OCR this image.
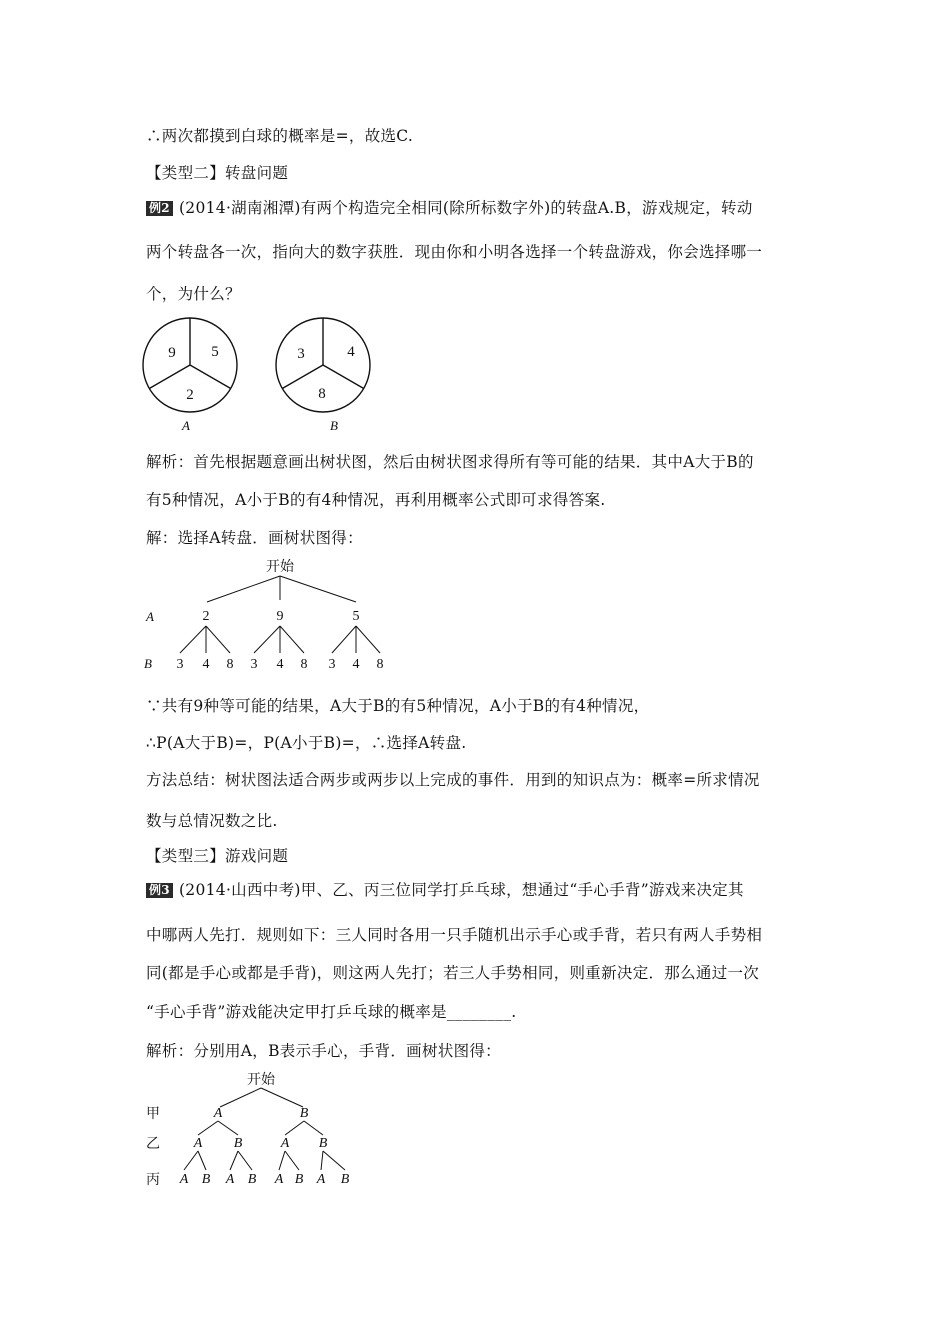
∴两次都摸到白球的概率是=，故选C.
【类型二】转盘问题
例2 (2014·湖南湘潭)有两个构造完全相同(除所标数字外)的转盘A.B，游戏规定，转动
两个转盘各一次，指向大的数字获胜．现由你和小明各选择一个转盘游戏，你会选择哪一
个，为什么？
9 5
2
A
3	4
8
B
解析：首先根据题意画出树状图，然后由树状图求得所有等可能的结果．其中A大于B的
有5种情况，A小于B的有4种情况，再利用概率公式即可求得答案.
解：选择A转盘．画树状图得：
开始
A	2	9	5
B 3 4 8 3 4 8 3 4 8
∵共有9种等可能的结果，A大于B的有5种情况，A小于B的有4种情况，
∴P(A大于B)=，P(A小于B)=，∴选择A转盘.
方法总结：树状图法适合两步或两步以上完成的事件．用到的知识点为：概率=所求情况
数与总情况数之比.
【类型三】游戏问题
例3 (2014·山西中考)甲、乙、丙三位同学打乒乓球，想通过“手心手背”游戏来决定其
中哪两人先打．规则如下：三人同时各用一只手随机出示手心或手背，若只有两人手势相
同(都是手心或都是手背)，则这两人先打；若三人手势相同，则重新决定．那么通过一次
“手心手背”游戏能决定甲打乒乓球的概率是________.
解析：分别用A，B表示手心，手背．画树状图得：
开始
甲	A	B
乙 A B	A B
丙 A B A B A B A B
